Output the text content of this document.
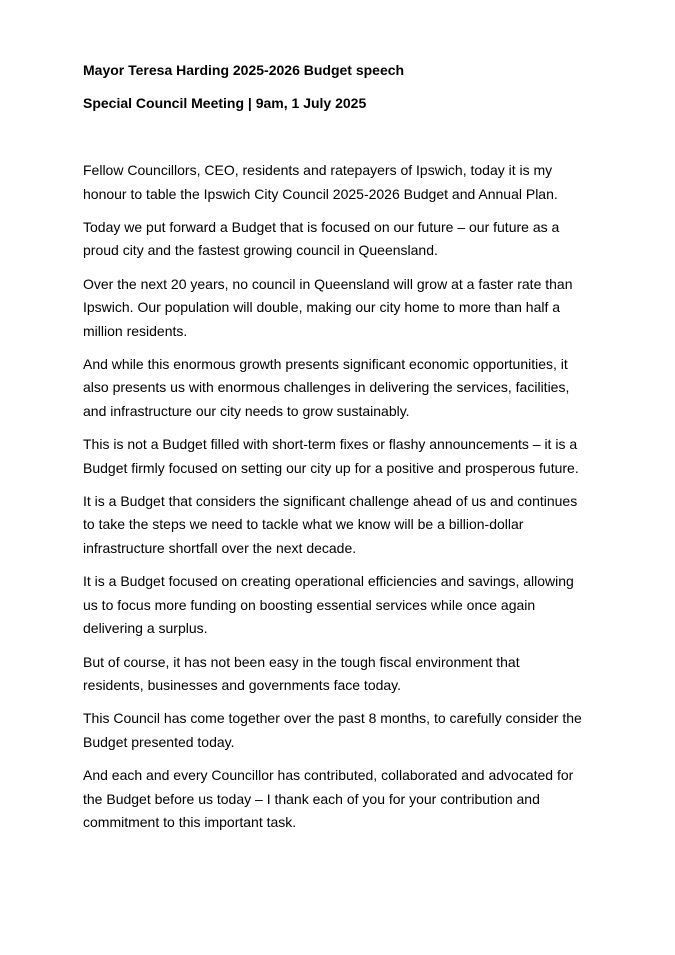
Mayor Teresa Harding 2025-2026 Budget speech

Special Council Meeting | 9am, 1 July 2025

Fellow Councillors, CEO, residents and ratepayers of Ipswich, today it is my honour to table the Ipswich City Council 2025-2026 Budget and Annual Plan.

Today we put forward a Budget that is focused on our future – our future as a proud city and the fastest growing council in Queensland.

Over the next 20 years, no council in Queensland will grow at a faster rate than Ipswich. Our population will double, making our city home to more than half a million residents.

And while this enormous growth presents significant economic opportunities, it also presents us with enormous challenges in delivering the services, facilities, and infrastructure our city needs to grow sustainably.

This is not a Budget filled with short-term fixes or flashy announcements – it is a Budget firmly focused on setting our city up for a positive and prosperous future.

It is a Budget that considers the significant challenge ahead of us and continues to take the steps we need to tackle what we know will be a billion-dollar infrastructure shortfall over the next decade.

It is a Budget focused on creating operational efficiencies and savings, allowing us to focus more funding on boosting essential services while once again delivering a surplus.

But of course, it has not been easy in the tough fiscal environment that residents, businesses and governments face today.

This Council has come together over the past 8 months, to carefully consider the Budget presented today.

And each and every Councillor has contributed, collaborated and advocated for the Budget before us today – I thank each of you for your contribution and commitment to this important task.
